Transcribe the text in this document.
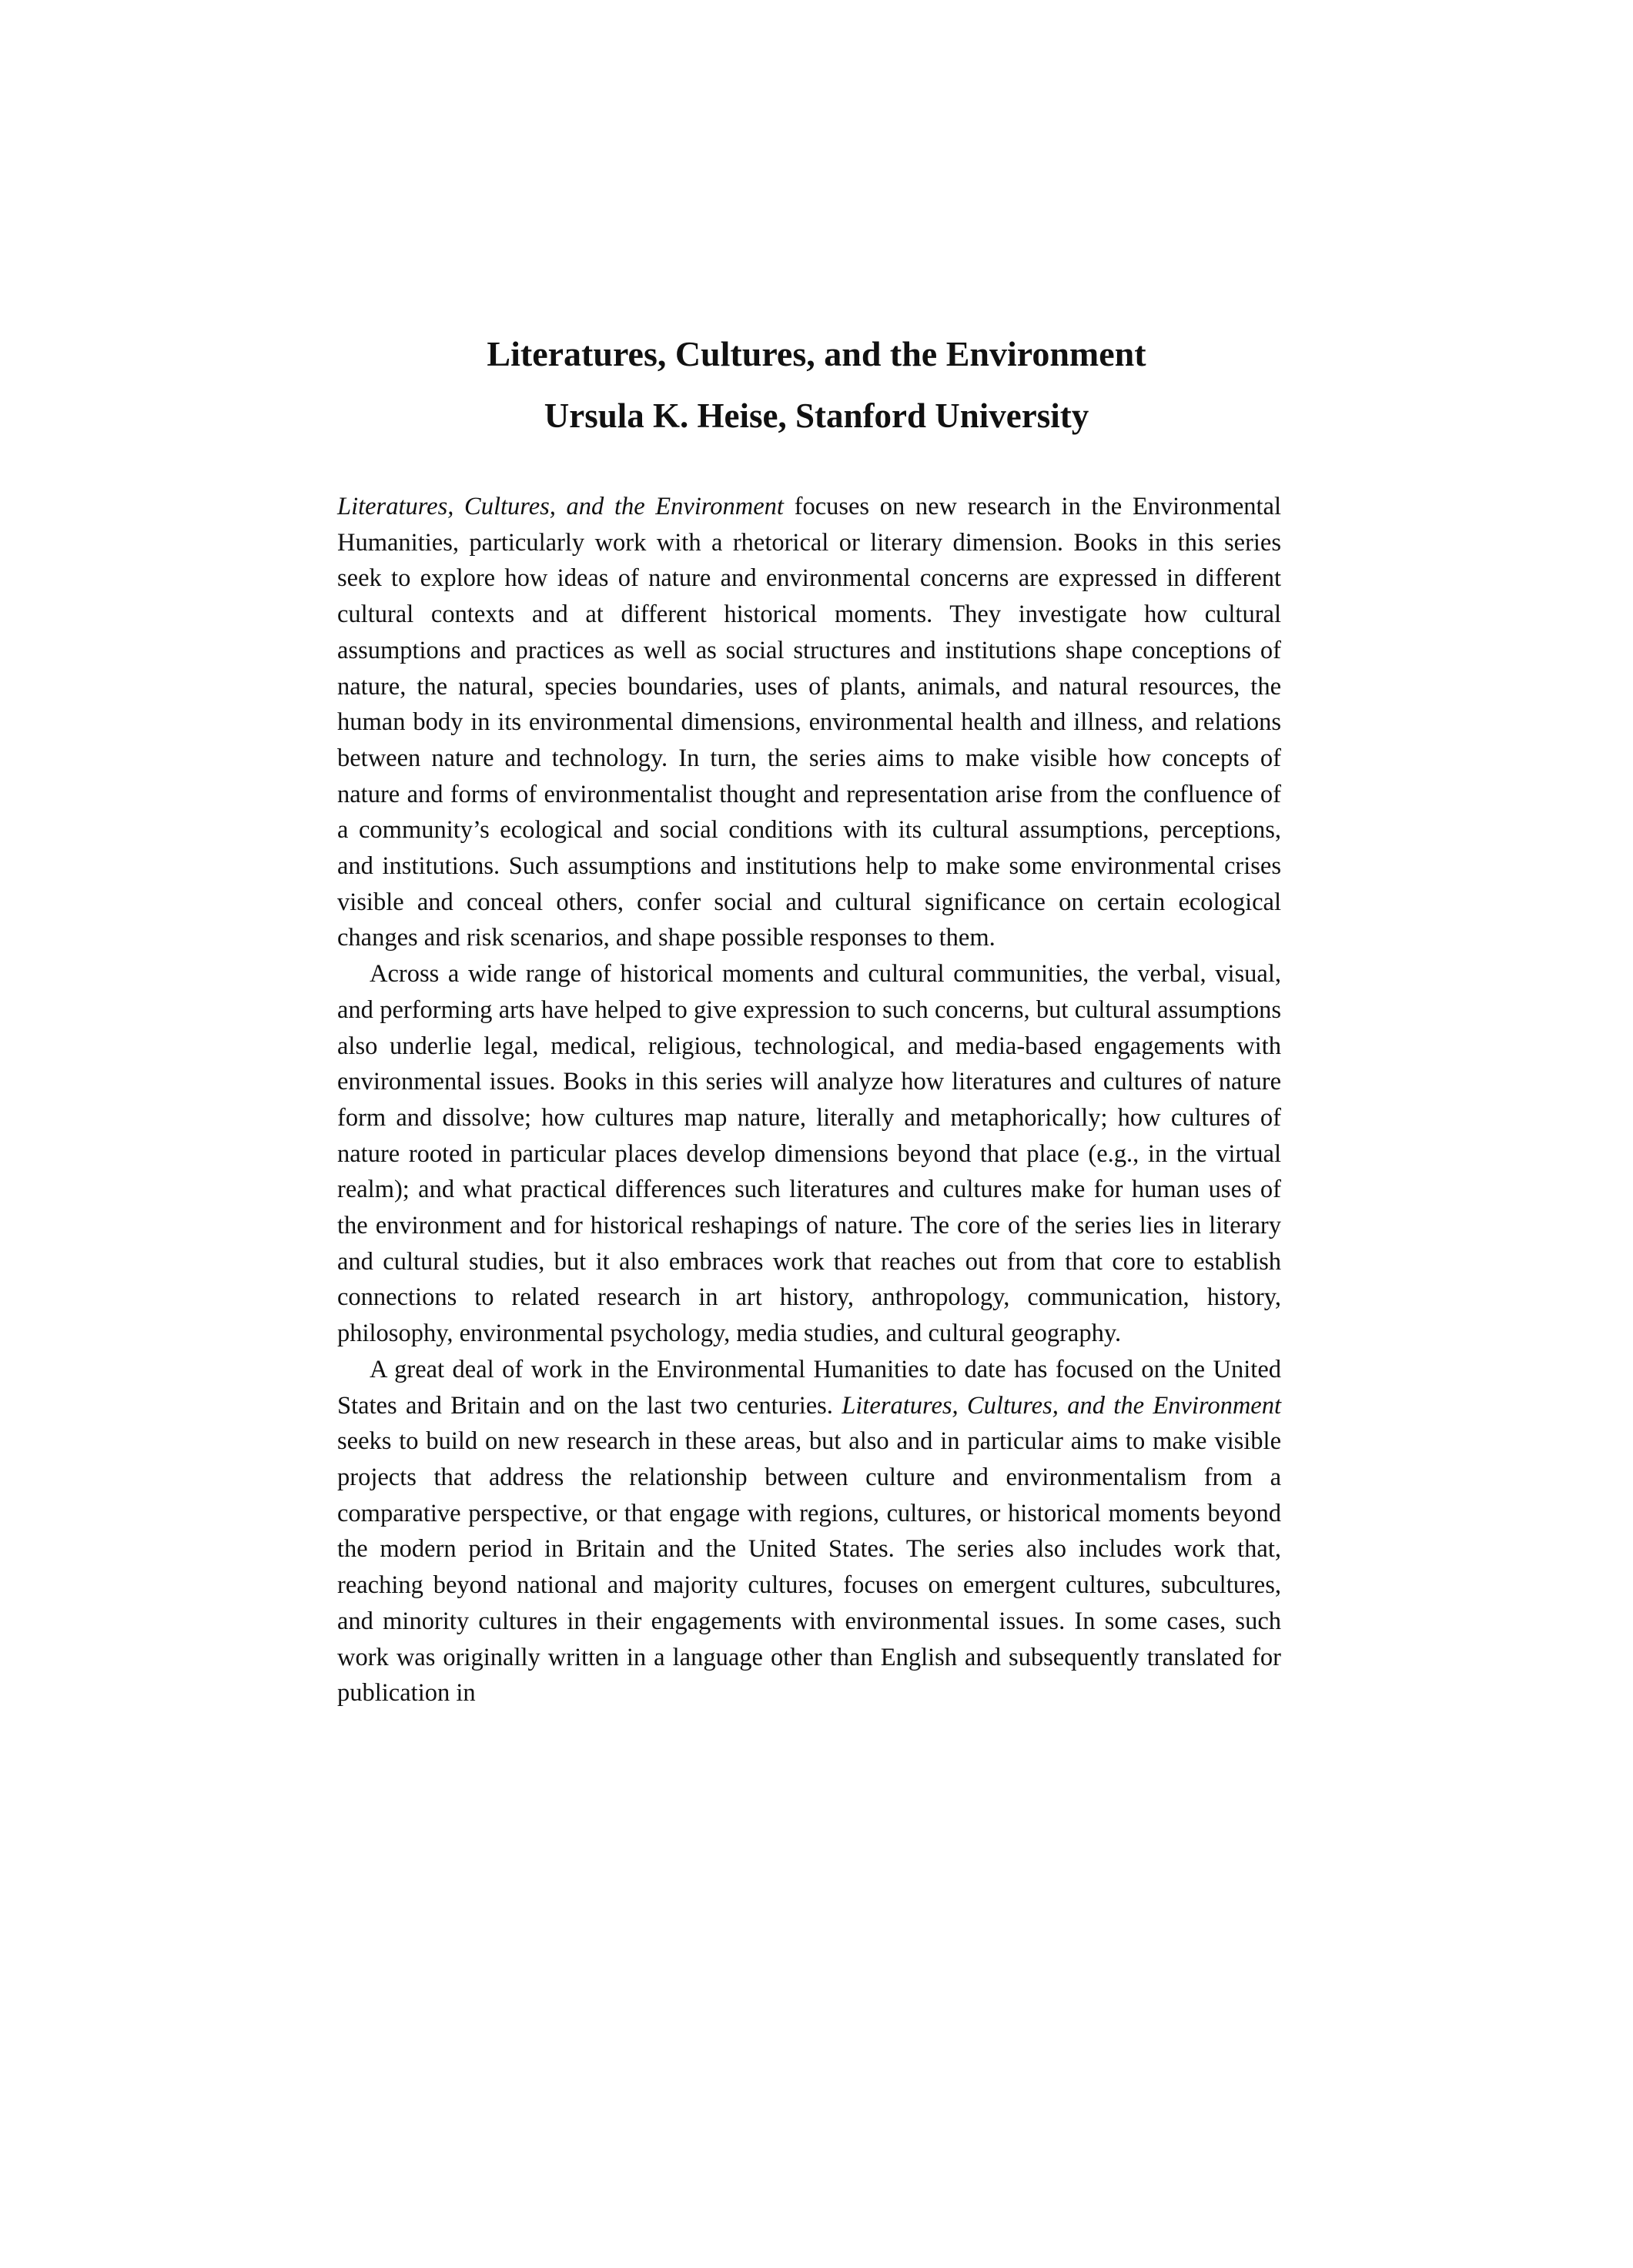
Literatures, Cultures, and the Environment
Ursula K. Heise, Stanford University

Literatures, Cultures, and the Environment focuses on new research in the Environmental Humanities, particularly work with a rhetorical or literary dimension. Books in this series seek to explore how ideas of nature and environmental concerns are expressed in different cultural contexts and at different historical moments. They investigate how cultural assumptions and practices as well as social structures and institutions shape conceptions of nature, the natural, species boundaries, uses of plants, animals, and natural resources, the human body in its environmental dimensions, environmental health and illness, and relations between nature and technology. In turn, the series aims to make visible how concepts of nature and forms of environmentalist thought and representation arise from the confluence of a community’s ecological and social conditions with its cultural assumptions, perceptions, and institutions. Such assumptions and institutions help to make some environmental crises visible and conceal others, confer social and cultural significance on certain ecological changes and risk scenarios, and shape possible responses to them.

Across a wide range of historical moments and cultural communities, the verbal, visual, and performing arts have helped to give expression to such concerns, but cultural assumptions also underlie legal, medical, religious, technological, and media-based engagements with environmental issues. Books in this series will analyze how literatures and cultures of nature form and dissolve; how cultures map nature, literally and metaphorically; how cultures of nature rooted in particular places develop dimensions beyond that place (e.g., in the virtual realm); and what practical differences such literatures and cultures make for human uses of the environment and for historical reshapings of nature. The core of the series lies in literary and cultural studies, but it also embraces work that reaches out from that core to establish connections to related research in art history, anthropology, communication, history, philosophy, environmental psychology, media studies, and cultural geography.

A great deal of work in the Environmental Humanities to date has focused on the United States and Britain and on the last two centuries. Literatures, Cultures, and the Environment seeks to build on new research in these areas, but also and in particular aims to make visible projects that address the relationship between culture and environmentalism from a comparative perspective, or that engage with regions, cultures, or historical moments beyond the modern period in Britain and the United States. The series also includes work that, reaching beyond national and majority cultures, focuses on emergent cultures, subcultures, and minority cultures in their engagements with environmental issues. In some cases, such work was originally written in a language other than English and subsequently translated for publication in
